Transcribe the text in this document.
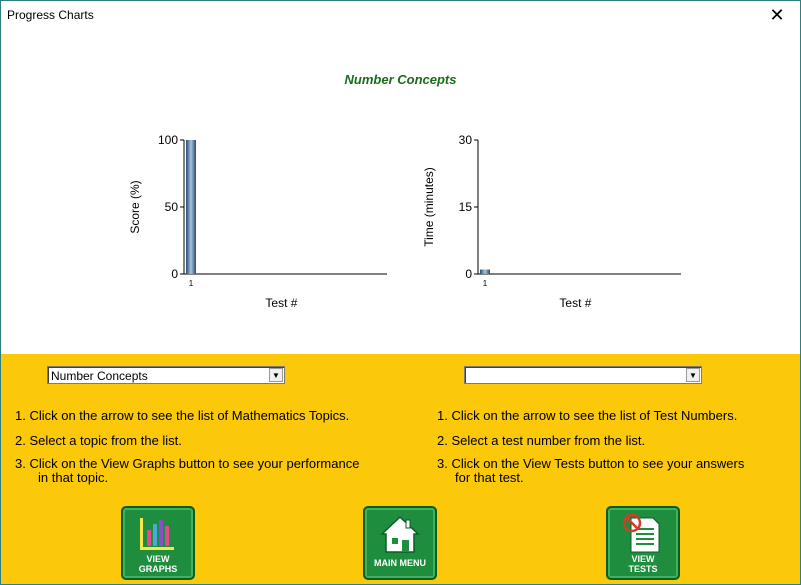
Progress Charts	✕
Number Concepts
0
50
100
1
Test #
Score (%)
0
15
30
1
Test #
Time (minutes)
Number Concepts	▼	▼
1. Click on the arrow to see the list of Mathematics Topics.
2. Select a topic from the list.
3. Click on the View Graphs button to see your performance
in that topic.
1. Click on the arrow to see the list of Test Numbers.
2. Select a test number from the list.
3. Click on the View Tests button to see your answers
for that test.
VIEW
GRAPHS
MAIN MENU	VIEW
TESTS
